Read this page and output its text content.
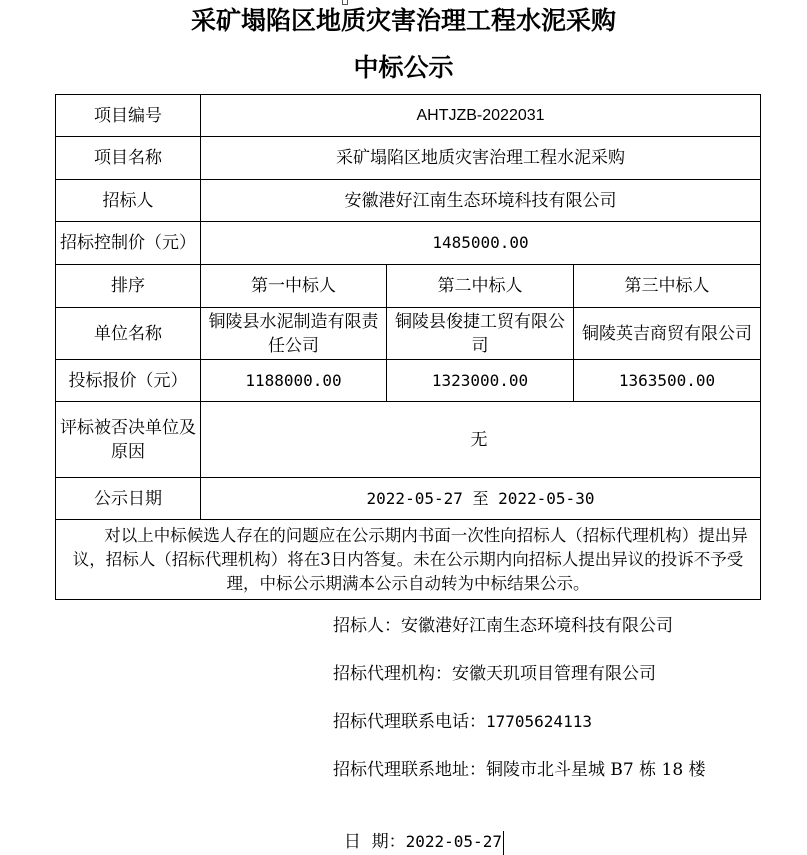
采矿塌陷区地质灾害治理工程水泥采购
中标公示
项目编号	AHTJZB-2022031		
项目名称	采矿塌陷区地质灾害治理工程水泥采购		
招标人	安徽港好江南生态环境科技有限公司		
招标控制价（元）	1485000.00		
排序	第一中标人	第二中标人	第三中标人
单位名称	铜陵县水泥制造有限责任公司	铜陵县俊捷工贸有限公司	铜陵英吉商贸有限公司
投标报价（元）	1188000.00	1323000.00	1363500.00
评标被否决单位及原因	无		
公示日期	2022-05-27 至 2022-05-30		
对以上中标候选人存在的问题应在公示期内书面一次性向招标人（招标代理机构）提出异议，招标人（招标代理机构）将在3日内答复。未在公示期内向招标人提出异议的投诉不予受理，中标公示期满本公示自动转为中标结果公示。			
招标人：安徽港好江南生态环境科技有限公司
招标代理机构：安徽天玑项目管理有限公司
招标代理联系电话：17705624113
招标代理联系地址：铜陵市北斗星城 B7 栋 18 楼

日  期：2022-05-27
